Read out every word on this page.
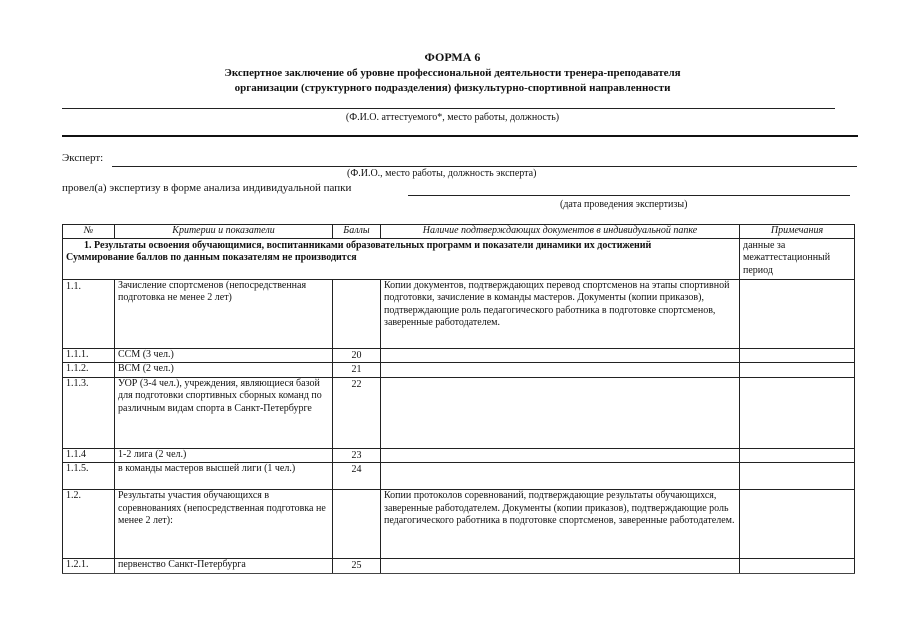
ФОРМА 6
Экспертное заключение об уровне профессиональной деятельности тренера-преподавателя
организации (структурного подразделения) физкультурно-спортивной направленности
(Ф.И.О. аттестуемого*, место работы, должность)
Эксперт:
(Ф.И.О., место работы, должность эксперта)
провел(а) экспертизу в форме анализа индивидуальной папки
(дата проведения экспертизы)
№	Критерии и показатели	Баллы	Наличие подтверждающих документов в индивидуальной папке	Примечания

1. Результаты освоения обучающимися, воспитанниками образовательных программ и показатели динамики их достижений
Суммирование баллов по данным показателям не производится				данные за межаттестационный период
1.1.	Зачисление спортсменов (непосредственная подготовка не менее 2 лет)		Копии документов, подтверждающих перевод спортсменов на этапы спортивной подготовки, зачисление в команды мастеров. Документы (копии приказов), подтверждающие роль педагогического работника в подготовке спортсменов, заверенные работодателем.	
1.1.1.	ССМ (3 чел.)	20		
1.1.2.	ВСМ (2 чел.)	21		
1.1.3.	УОР (3-4 чел.), учреждения, являющиеся базой для подготовки спортивных сборных команд по различным видам спорта в Санкт-Петербурге	22		
1.1.4	1-2 лига (2 чел.)	23		
1.1.5.	в команды мастеров высшей лиги (1 чел.)	24		
1.2.	Результаты участия обучающихся в соревнованиях (непосредственная подготовка не менее 2 лет):		Копии протоколов соревнований, подтверждающие результаты обучающихся, заверенные работодателем. Документы (копии приказов), подтверждающие роль педагогического работника в подготовке спортсменов, заверенные работодателем.	
1.2.1.	первенство Санкт-Петербурга	25		
